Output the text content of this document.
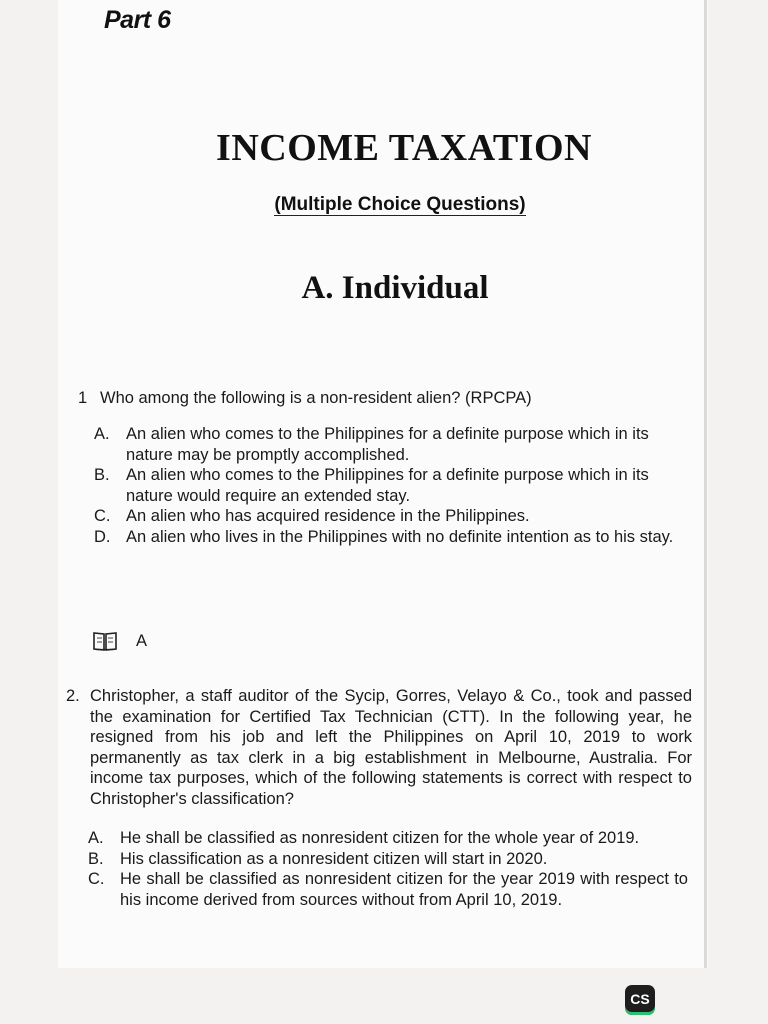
Part 6
INCOME TAXATION
(Multiple Choice Questions)
A. Individual
1 Who among the following is a non-resident alien? (RPCPA)
A. An alien who comes to the Philippines for a definite purpose which in its nature may be promptly accomplished.
B. An alien who comes to the Philippines for a definite purpose which in its nature would require an extended stay.
C. An alien who has acquired residence in the Philippines.
D. An alien who lives in the Philippines with no definite intention as to his stay.
A
2. Christopher, a staff auditor of the Sycip, Gorres, Velayo & Co., took and passed the examination for Certified Tax Technician (CTT). In the following year, he resigned from his job and left the Philippines on April 10, 2019 to work permanently as tax clerk in a big establishment in Melbourne, Australia. For income tax purposes, which of the following statements is correct with respect to Christopher's classification?
A. He shall be classified as nonresident citizen for the whole year of 2019.
B. His classification as a nonresident citizen will start in 2020.
C. He shall be classified as nonresident citizen for the year 2019 with respect to his income derived from sources without from April 10, 2019.
CS
